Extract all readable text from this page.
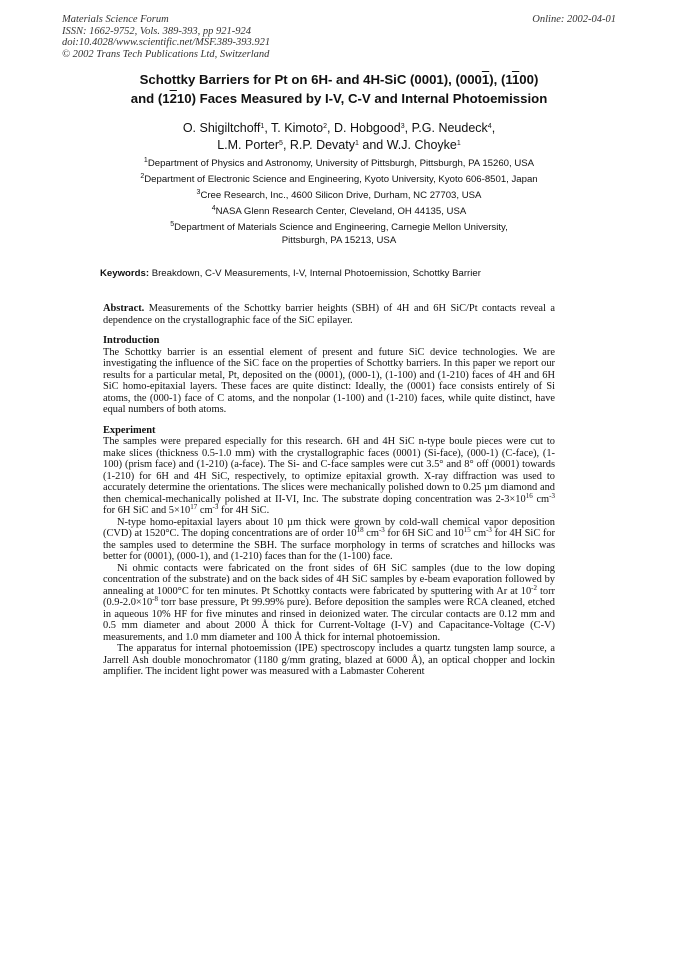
Materials Science Forum
ISSN: 1662-9752, Vols. 389-393, pp 921-924
doi:10.4028/www.scientific.net/MSF.389-393.921
© 2002 Trans Tech Publications Ltd, Switzerland
Online: 2002-04-01
Schottky Barriers for Pt on 6H- and 4H-SiC (0001), (0001), (1100)
and (1210) Faces Measured by I-V, C-V and Internal Photoemission
O. Shigiltchoff$^1$, T. Kimoto$^2$, D. Hobgood$^3$, P.G. Neudeck$^4$,
L.M. Porter$^5$, R.P. Devaty$^1$ and W.J. Choyke$^1$
$^1$Department of Physics and Astronomy, University of Pittsburgh, Pittsburgh, PA 15260, USA
$^2$Department of Electronic Science and Engineering, Kyoto University, Kyoto 606-8501, Japan
$^3$Cree Research, Inc., 4600 Silicon Drive, Durham, NC 27703, USA
$^4$NASA Glenn Research Center, Cleveland, OH 44135, USA
$^5$Department of Materials Science and Engineering, Carnegie Mellon University,
Pittsburgh, PA 15213, USA
Keywords: Breakdown, C-V Measurements, I-V, Internal Photoemission, Schottky Barrier

Abstract. Measurements of the Schottky barrier heights (SBH) of 4H and 6H SiC/Pt contacts reveal a dependence on the crystallographic face of the SiC epilayer.

Introduction

The Schottky barrier is an essential element of present and future SiC device technologies. We are investigating the influence of the SiC face on the properties of Schottky barriers. In this paper we report our results for a particular metal, Pt, deposited on the (0001), (000-1), (1-100) and (1-210) faces of 4H and 6H SiC homo-epitaxial layers. These faces are quite distinct: Ideally, the (0001) face consists entirely of Si atoms, the (000-1) face of C atoms, and the nonpolar (1-100) and (1-210) faces, while quite distinct, have equal numbers of both atoms.

Experiment

The samples were prepared especially for this research. 6H and 4H SiC n-type boule pieces were cut to make slices (thickness 0.5-1.0 mm) with the crystallographic faces (0001) (Si-face), (000-1) (C-face), (1-100) (prism face) and (1-210) (a-face). The Si- and C-face samples were cut 3.5° and 8° off (0001) towards (1-210) for 6H and 4H SiC, respectively, to optimize epitaxial growth. X-ray diffraction was used to accurately determine the orientations. The slices were mechanically polished down to 0.25 µm diamond and then chemical-mechanically polished at II-VI, Inc. The substrate doping concentration was $2-3\times 10^{16}$ $cm^{-3}$ for 6H SiC and $5\times 10^{17}$ $cm^{-3}$ for 4H SiC.

N-type homo-epitaxial layers about 10 µm thick were grown by cold-wall chemical vapor deposition (CVD) at 1520°C. The doping concentrations are of order $10^{18}$ $cm^{-3}$ for 6H SiC and $10^{15}$ $cm^{-3}$ for 4H SiC for the samples used to determine the SBH. The surface morphology in terms of scratches and hillocks was better for (0001), (000-1), and (1-210) faces than for the (1-100) face.

Ni ohmic contacts were fabricated on the front sides of 6H SiC samples (due to the low doping concentration of the substrate) and on the back sides of 4H SiC samples by e-beam evaporation followed by annealing at 1000°C for ten minutes. Pt Schottky contacts were fabricated by sputtering with Ar at $10^{-2}$ torr ($0.9-2.0\times 10^{-8}$ torr base pressure, Pt 99.99% pure). Before deposition the samples were RCA cleaned, etched in aqueous 10% HF for five minutes and rinsed in deionized water. The circular contacts are 0.12 mm and 0.5 mm diameter and about 2000 Å thick for Current-Voltage (I-V) and Capacitance-Voltage (C-V) measurements, and 1.0 mm diameter and 100 Å thick for internal photoemission.

The apparatus for internal photoemission (IPE) spectroscopy includes a quartz tungsten lamp source, a Jarrell Ash double monochromator (1180 g/mm grating, blazed at 6000 Å), an optical chopper and lockin amplifier. The incident light power was measured with a Labmaster Coherent
